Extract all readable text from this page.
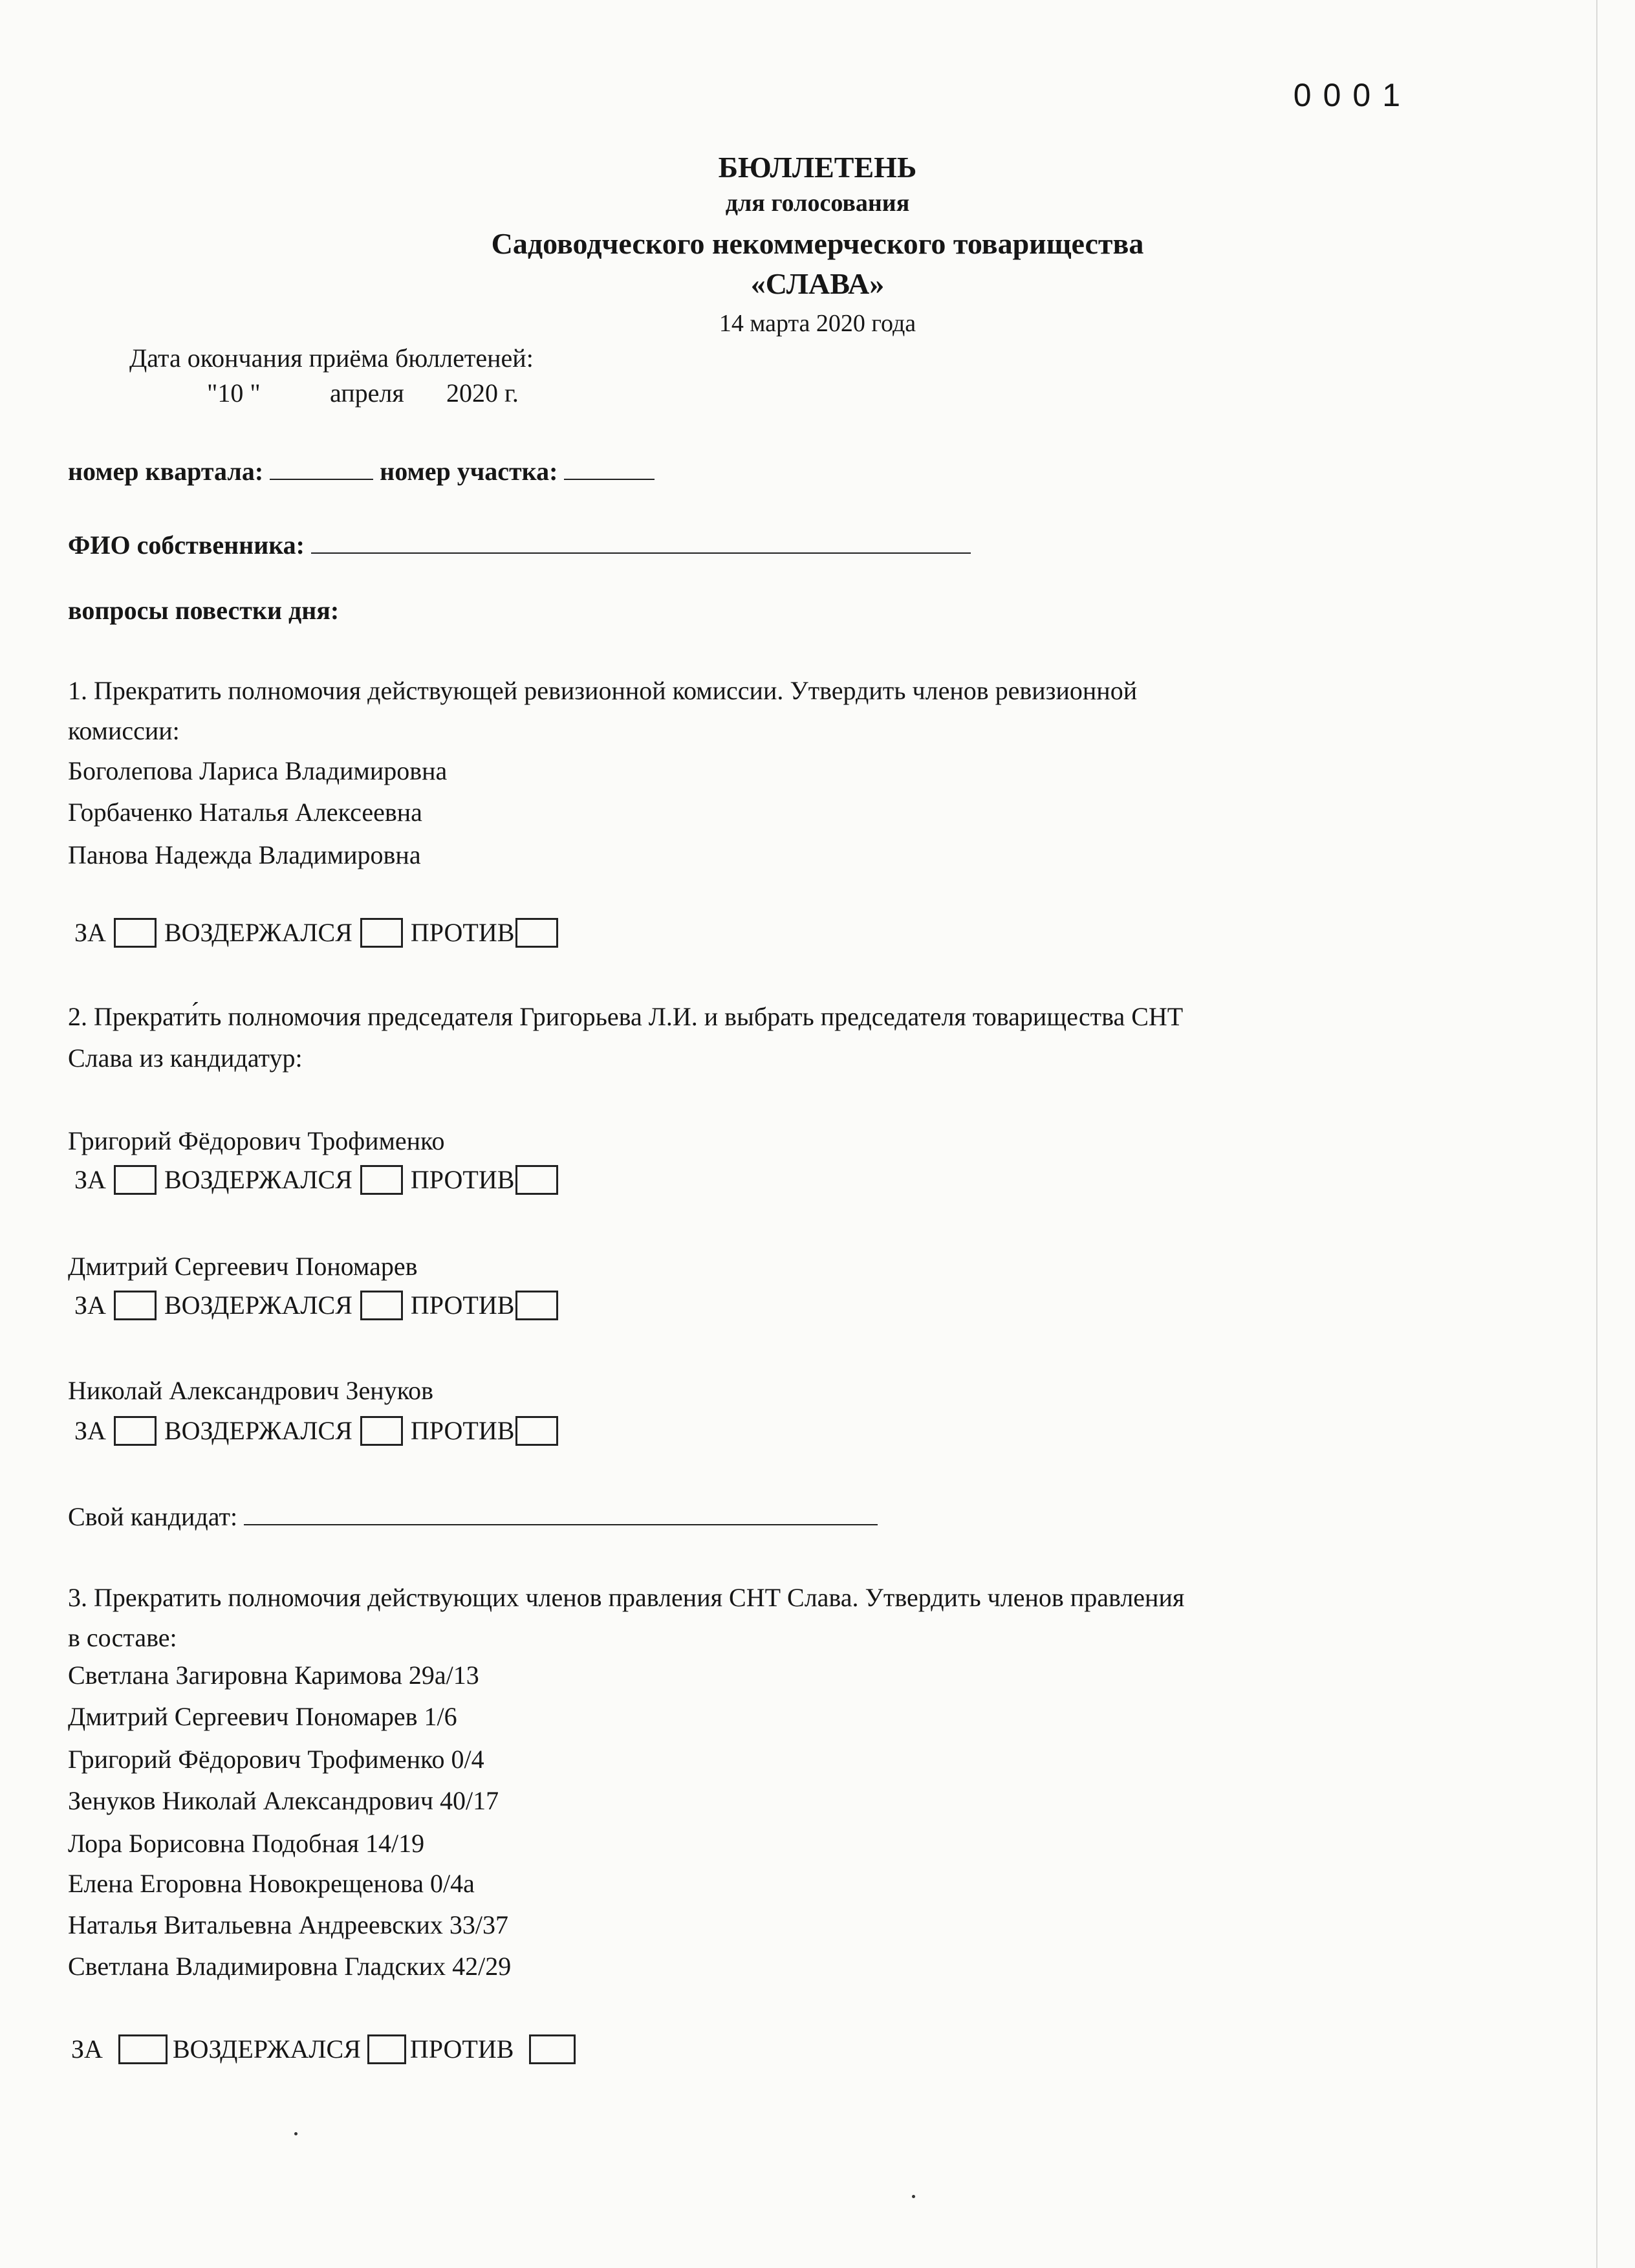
0001
БЮЛЛЕТЕНЬ
для голосования
Садоводческого некоммерческого товарищества
«СЛАВА»
14 марта 2020 года
Дата окончания приёма бюллетеней:
"10 "	апреля 2020 г.
номер квартала:	номер участка:
ФИО собственника:
вопросы повестки дня:
1. Прекратить полномочия действующей ревизионной комиссии. Утвердить членов ревизионной
комиссии:
Боголепова Лариса Владимировна
Горбаченко Наталья Алексеевна
Панова Надежда Владимировна
ЗА ВОЗДЕРЖАЛСЯ ПРОТИВ
2. Прекрати́ть полномочия председателя Григорьева Л.И. и выбрать председателя товарищества СНТ
Слава из кандидатур:
Григорий Фёдорович Трофименко
ЗА ВОЗДЕРЖАЛСЯ ПРОТИВ
Дмитрий Сергеевич Пономарев
ЗА ВОЗДЕРЖАЛСЯ ПРОТИВ
Николай Александрович Зенуков
ЗА ВОЗДЕРЖАЛСЯ ПРОТИВ
Свой кандидат:
3. Прекратить полномочия действующих членов правления СНТ Слава. Утвердить членов правления
в составе:
Светлана Загировна Каримова 29а/13
Дмитрий Сергеевич Пономарев 1/6
Григорий Фёдорович Трофименко 0/4
Зенуков Николай Александрович 40/17
Лора Борисовна Подобная 14/19
Елена Егоровна Новокрещенова 0/4а
Наталья Витальевна Андреевских 33/37
Светлана Владимировна Гладских 42/29
ЗА	ВОЗДЕРЖАЛСЯ ПРОТИВ
